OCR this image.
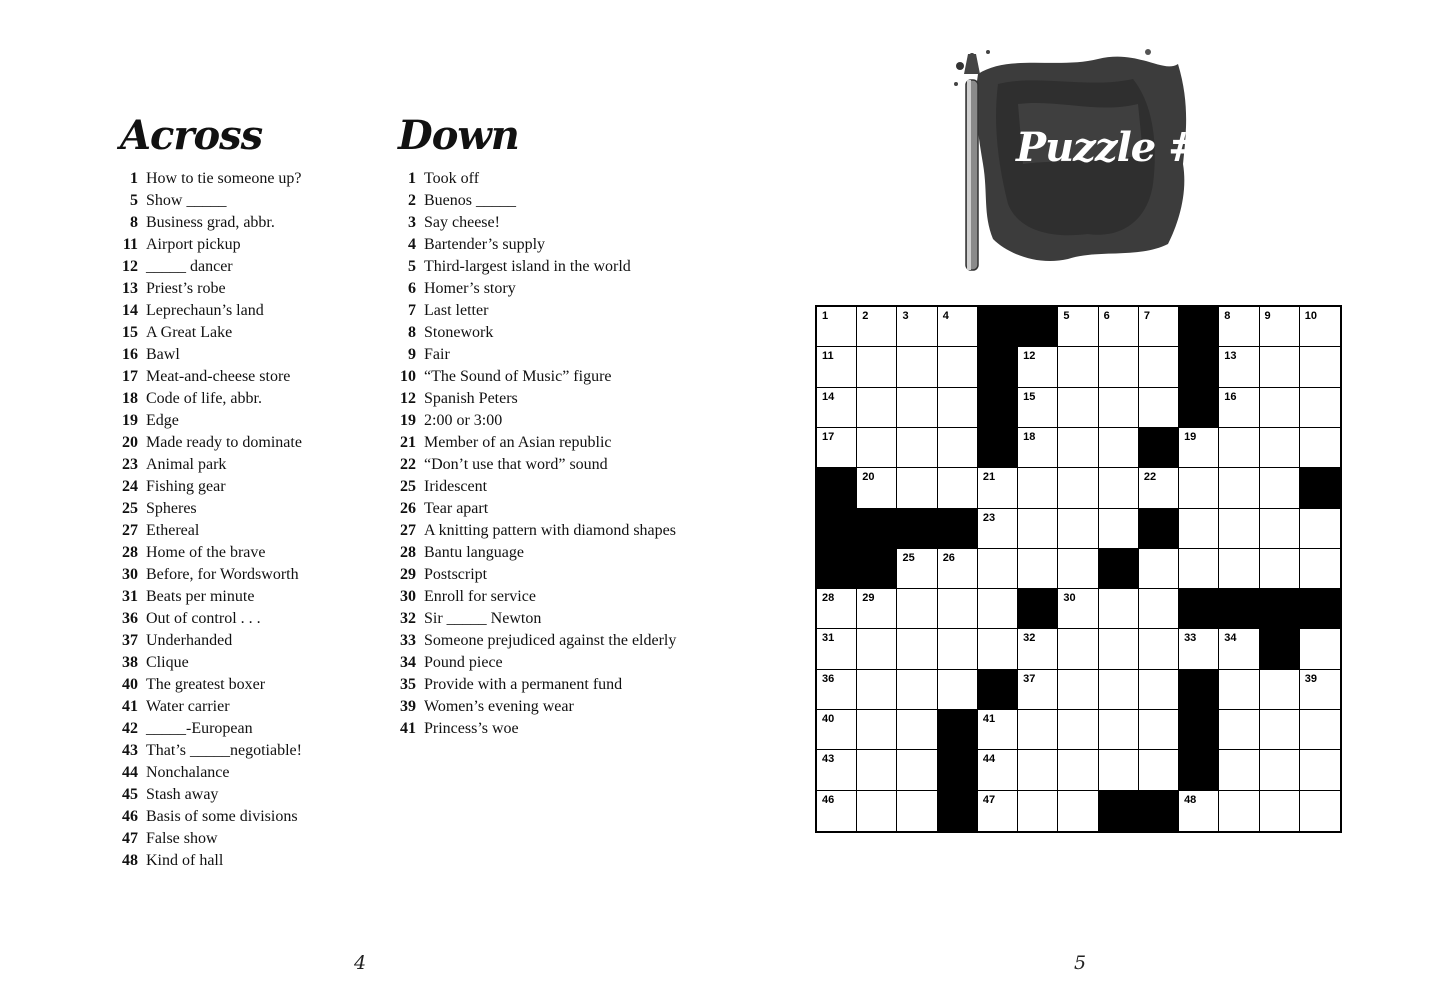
Across	Down
1 How to tie someone up?
5 Show _____
8 Business grad, abbr.
11 Airport pickup
12 _____ dancer
13 Priest’s robe
14 Leprechaun’s land
15 A Great Lake
16 Bawl
17 Meat-and-cheese store
18 Code of life, abbr.
19 Edge
20 Made ready to dominate
23 Animal park
24 Fishing gear
25 Spheres
27 Ethereal
28 Home of the brave
30 Before, for Wordsworth
31 Beats per minute
36 Out of control . . .
37 Underhanded
38 Clique
40 The greatest boxer
41 Water carrier
42 _____-European
43 That’s _____negotiable!
44 Nonchalance
45 Stash away
46 Basis of some divisions
47 False show
48 Kind of hall
1 Took off
2 Buenos _____
3 Say cheese!
4 Bartender’s supply
5 Third-largest island in the world
6 Homer’s story
7 Last letter
8 Stonework
9 Fair
10 “The Sound of Music” figure
12 Spanish Peters
19 2:00 or 3:00
21 Member of an Asian republic
22 “Don’t use that word” sound
25 Iridescent
26 Tear apart
27 A knitting pattern with diamond shapes
28 Bantu language
29 Postscript
30 Enroll for service
32 Sir _____ Newton
33 Someone prejudiced against the elderly
34 Pound piece
35 Provide with a permanent fund
39 Women’s evening wear
41 Princess’s woe
4
Puzzle #1
1	2	3	4	5	6	7	8	9	10
11	12	13
14	15	16
17	18	19
20	21	22
23	24
25	26	27
28	29	30
31	32	33	34	35
36	37	38	39
40	41	42
43	44	45
46	47	48
5
